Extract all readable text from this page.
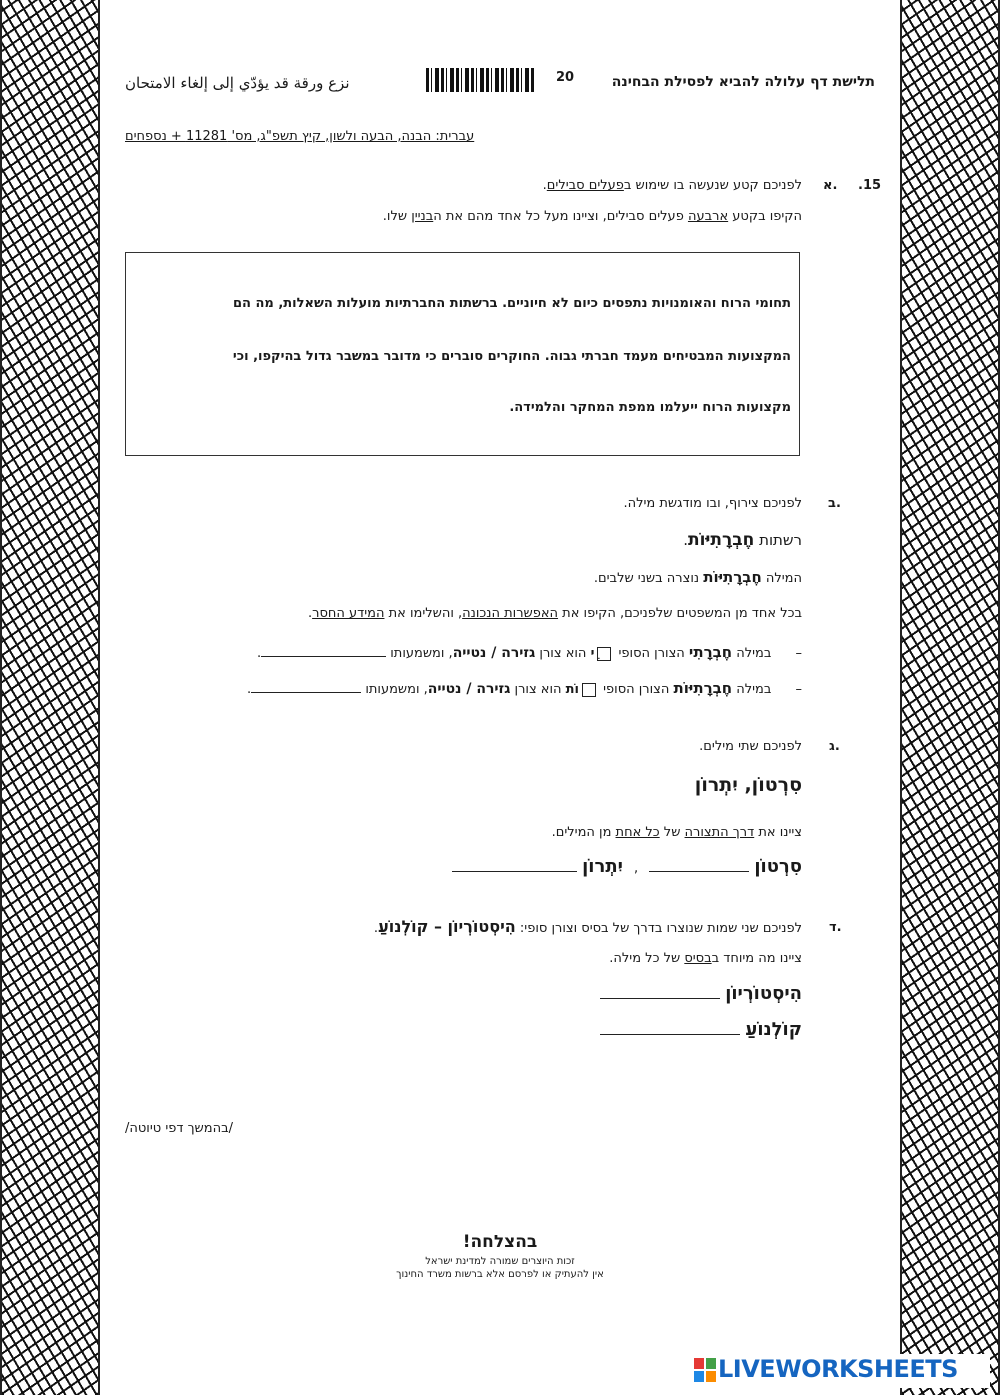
תלישת דף עלולה להביא לפסילת הבחינה
20
نزع ورقة قد يؤدّي إلى إلغاء الامتحان
עברית: הבנה, הבעה ולשון, קיץ תשפ"ג, מס' 11281 + נספחים
.15
א.
לפניכם קטע שנעשה בו שימוש בפעלים סבילים.
הקיפו בקטע ארבעה פעלים סבילים, וציינו מעל כל אחד מהם את הבניין שלו.
תחומי הרוח והאומנויות נתפסים כיום לא חיוניים. ברשתות החברתיות מועלות השאלות, מה הם
המקצועות המבטיחים מעמד חברתי גבוה. החוקרים סוברים כי מדובר במשבר גדול בהיקפו, וכי
מקצועות הרוח ייעלמו ממפת המחקר והלמידה.
ב.
לפניכם צירוף, ובו מודגשת מילה.
רשתות חֶבְרָתִיּוֹת.
המילה חֶבְרָתִיּוֹת נוצרה בשני שלבים.
בכל אחד מן המשפטים שלפניכם, הקיפו את האפשרות הנכונה, והשלימו את המידע החסר.
– במילה חֶבְרָתִי הצורן הסופי ִי הוא צורן גזירה / נטייה, ומשמעותו .
– במילה חֶבְרָתִיּוֹת הצורן הסופי וֹת הוא צורן גזירה / נטייה, ומשמעותו .
ג.
לפניכם שתי מילים.
סִרְטוֹן, יִתְרוֹן
ציינו את דרך התצורה של כל אחת מן המילים.
סִרְטוֹן  , יִתְרוֹן
ד.
לפניכם שני שמות שנוצרו בדרך של בסיס וצורן סופי: הִיסְטוֹרְיוֹן – קוֹלְנוֹעַ.
ציינו מה מיוחד בבסיס של כל מילה.
הִיסְטוֹרְיוֹן
קוֹלְנוֹעַ
/בהמשך דפי טיוטה/
בהצלחה!
זכות היוצרים שמורה למדינת ישראל
אין להעתיק או לפרסם אלא ברשות משרד החינוך
LIVEWORKSHEETS
